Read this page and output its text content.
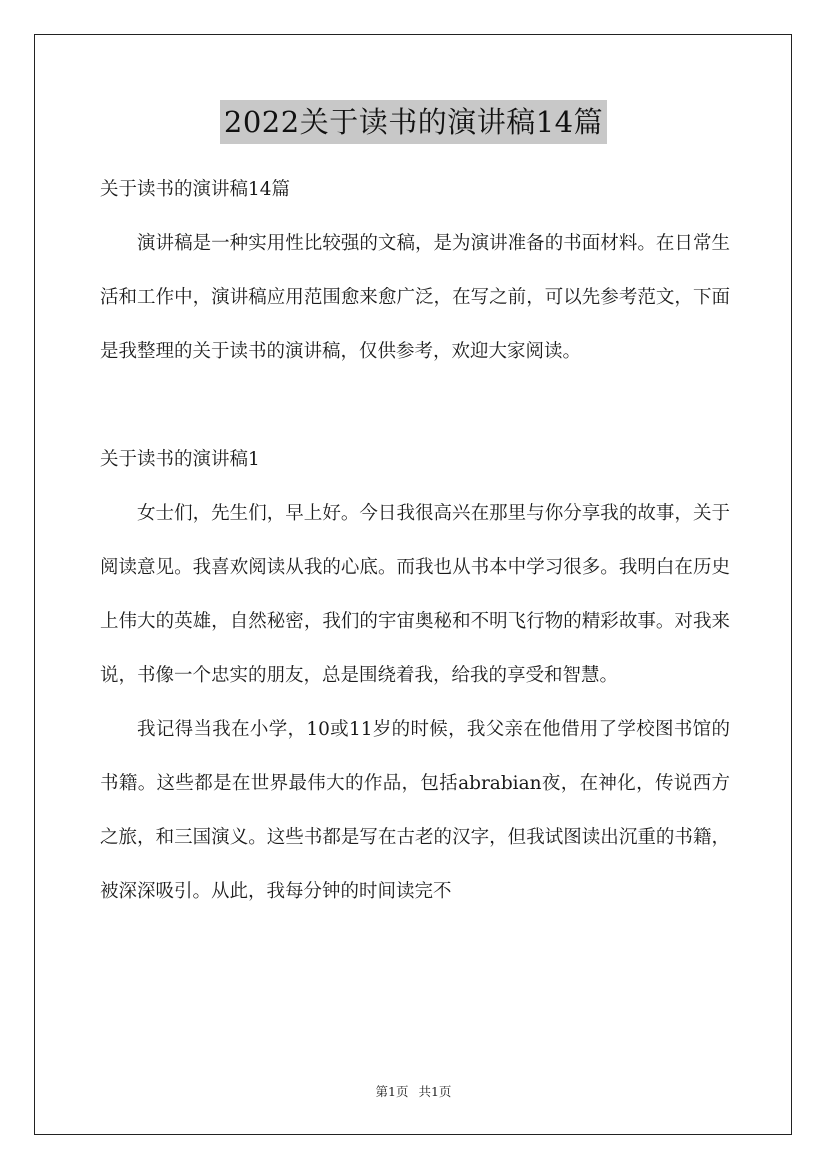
2022关于读书的演讲稿14篇

关于读书的演讲稿14篇

演讲稿是一种实用性比较强的文稿，是为演讲准备的书面材料。在日常生活和工作中，演讲稿应用范围愈来愈广泛，在写之前，可以先参考范文，下面是我整理的关于读书的演讲稿，仅供参考，欢迎大家阅读。

关于读书的演讲稿1

女士们，先生们，早上好。今日我很高兴在那里与你分享我的故事，关于阅读意见。我喜欢阅读从我的心底。而我也从书本中学习很多。我明白在历史上伟大的英雄，自然秘密，我们的宇宙奥秘和不明飞行物的精彩故事。对我来说，书像一个忠实的朋友，总是围绕着我，给我的享受和智慧。

我记得当我在小学，10或11岁的时候，我父亲在他借用了学校图书馆的书籍。这些都是在世界最伟大的作品，包括abrabian夜，在神化，传说西方之旅，和三国演义。这些书都是写在古老的汉字，但我试图读出沉重的书籍，被深深吸引。从此，我每分钟的时间读完不

第1页 共1页
